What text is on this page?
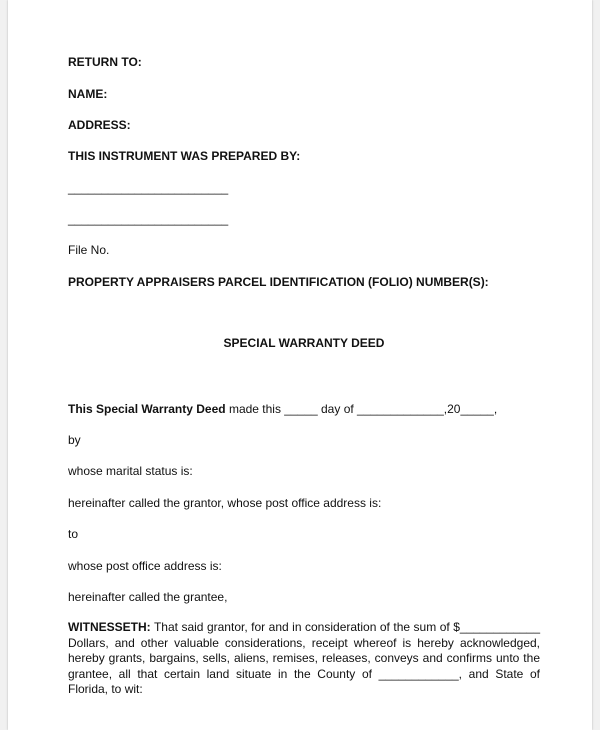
RETURN TO:
NAME:
ADDRESS:
THIS INSTRUMENT WAS PREPARED BY:
________________________
________________________
File No.
PROPERTY APPRAISERS PARCEL IDENTIFICATION (FOLIO) NUMBER(S):
SPECIAL WARRANTY DEED
This Special Warranty Deed made this _____ day of _____________,20_____,
by
whose marital status is:
hereinafter called the grantor, whose post office address is:
to
whose post office address is:
hereinafter called the grantee,
WITNESSETH: That said grantor, for and in consideration of the sum of $____________ Dollars, and other valuable considerations, receipt whereof is hereby acknowledged, hereby grants, bargains, sells, aliens, remises, releases, conveys and confirms unto the grantee, all that certain land situate in the County of ____________, and State of Florida, to wit:
